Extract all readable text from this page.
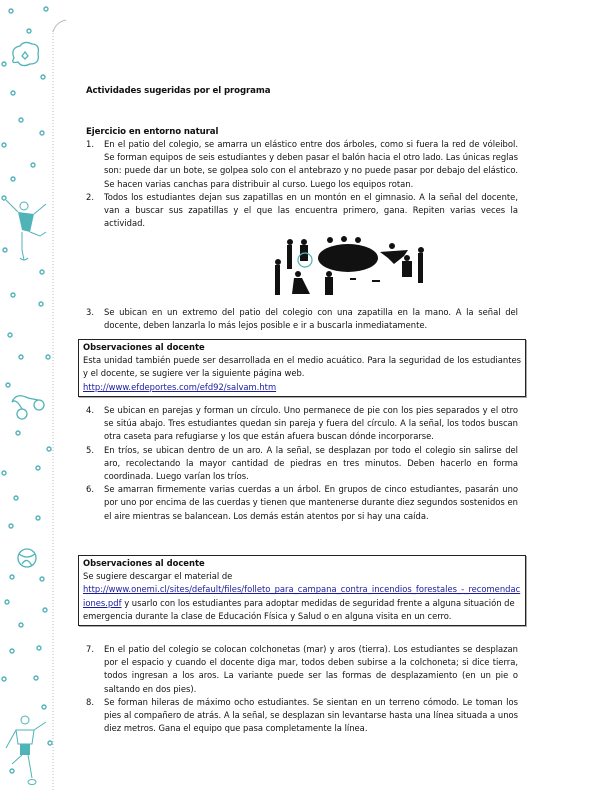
Actividades sugeridas por el programa
Ejercicio en entorno natural
1. En el patio del colegio, se amarra un elástico entre dos árboles, como si fuera la red de vóleibol. Se forman equipos de seis estudiantes y deben pasar el balón hacia el otro lado. Las únicas reglas son: puede dar un bote, se golpea solo con el antebrazo y no puede pasar por debajo del elástico. Se hacen varias canchas para distribuir al curso. Luego los equipos rotan.
2. Todos los estudiantes dejan sus zapatillas en un montón en el gimnasio. A la señal del docente, van a buscar sus zapatillas y el que las encuentra primero, gana. Repiten varias veces la actividad.
3. Se ubican en un extremo del patio del colegio con una zapatilla en la mano. A la señal del docente, deben lanzarla lo más lejos posible e ir a buscarla inmediatamente.
Observaciones al docente
Esta unidad también puede ser desarrollada en el medio acuático. Para la seguridad de los estudiantes y el docente, se sugiere ver la siguiente página web.
http://www.efdeportes.com/efd92/salvam.htm
4. Se ubican en parejas y forman un círculo. Uno permanece de pie con los pies separados y el otro se sitúa abajo. Tres estudiantes quedan sin pareja y fuera del círculo. A la señal, los todos buscan otra caseta para refugiarse y los que están afuera buscan dónde incorporarse.
5. En tríos, se ubican dentro de un aro. A la señal, se desplazan por todo el colegio sin salirse del aro, recolectando la mayor cantidad de piedras en tres minutos. Deben hacerlo en forma coordinada. Luego varían los tríos.
6. Se amarran firmemente varias cuerdas a un árbol. En grupos de cinco estudiantes, pasarán uno por uno por encima de las cuerdas y tienen que mantenerse durante diez segundos sostenidos en el aire mientras se balancean. Los demás están atentos por si hay una caída.
Observaciones al docente
Se sugiere descargar el material de
http://www.onemi.cl/sites/default/files/folleto_para_campana_contra_incendios_forestales_-_recomendaciones.pdf y usarlo con los estudiantes para adoptar medidas de seguridad frente a alguna situación de emergencia durante la clase de Educación Física y Salud o en alguna visita en un cerro.
7. En el patio del colegio se colocan colchonetas (mar) y aros (tierra). Los estudiantes se desplazan por el espacio y cuando el docente diga mar, todos deben subirse a la colchoneta; si dice tierra, todos ingresan a los aros. La variante puede ser las formas de desplazamiento (en un pie o saltando en dos pies).
8. Se forman hileras de máximo ocho estudiantes. Se sientan en un terreno cómodo. Le toman los pies al compañero de atrás. A la señal, se desplazan sin levantarse hasta una línea situada a unos diez metros. Gana el equipo que pasa completamente la línea.
